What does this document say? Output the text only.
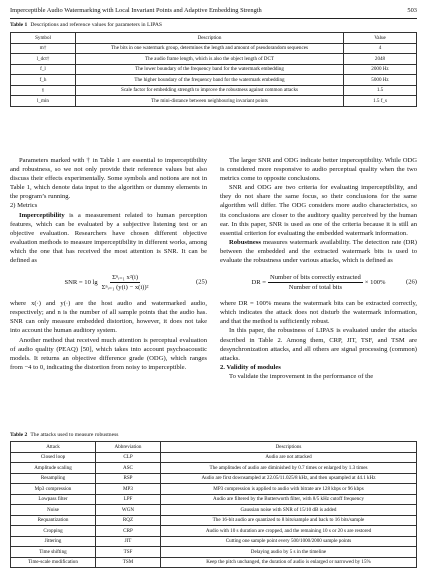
Imperceptible Audio Watermarking with Local Invariant Points and Adaptive Embedding Strength	503
Table 1 Descriptions and reference values for parameters in LIPAS
Symbol	Description	Value
m†	The bits in one watermark group, determines the length and amount of pseudorandom sequences	4
l_dct†	The audio frame length, which is also the object length of DCT	2048
f_l	The lower boundary of the frequency band for the watermark embedding	2000 Hz
f_h	The higher boundary of the frequency band for the watermark embedding	5000 Hz
γ	Scale factor for embedding strength to improve the robustness against common attacks	1.5
l_min	The mini-distance between neighbouring invariant points	1.5 f_s

Parameters marked with † in Table 1 are essential to imperceptibility and robustness, so we not only provide their reference values but also discuss their effects experimentally. Some symbols and notions are not in Table 1, which denote data input to the algorithm or dummy elements in the program’s running.

2) Metrics

Imperceptibility is a measurement related to human perception features, which can be evaluated by a subjective listening test or an objective evaluation. Researchers have chosen different objective evaluation methods to measure imperceptibility in different works, among which the one that has received the most attention is SNR. It can be defined as

SNR = 10 $\lg \frac{\text{Σⁿᵢ₌₁ x²(i)}}{\text{Σⁿᵢ₌₁ (y(i) − x(i))²}}$	(25)

where x(·) and y(·) are the host audio and watermarked audio, respectively; and n is the number of all sample points that the audio has. SNR can only measure embedded distortion, however, it does not take into account the human auditory system.

Another method that received much attention is perceptual evaluation of audio quality (PEAQ) [50], which takes into account psychoacoustic models. It returns an objective difference grade (ODG), which ranges from −4 to 0, indicating the distortion from noisy to imperceptible.

The larger SNR and ODG indicate better imperceptibility. While ODG is considered more responsive to audio perceptual quality when the two metrics come to opposite conclusions.

SNR and ODG are two criteria for evaluating imperceptibility, and they do not share the same focus, so their conclusions for the same algorithm will differ. The ODG considers more audio characteristics, so its conclusions are closer to the auditory quality perceived by the human ear. In this paper, SNR is used as one of the criteria because it is still an essential criterion for evaluating the embedded watermark information.

Robustness measures watermark availability. The detection rate (DR) between the embedded and the extracted watermark bits is used to evaluate the robustness under various attacks, which is defined as

DR = $\frac{\text{Number of bits correctly extracted}}{\text{Number of total bits}} \times 100\%$	(26)

where DR = 100% means the watermark bits can be extracted correctly, which indicates the attack does not disturb the watermark information, and that the method is sufficiently robust.

In this paper, the robustness of LIPAS is evaluated under the attacks described in Table 2. Among them, CRP, JIT, TSF, and TSM are desynchronization attacks, and all others are signal processing (common) attacks.

2. Validity of modules

To validate the improvement in the performance of the

Table 2 The attacks used to measure robustness
Attack	Abbreviation	Descriptions
Closed loop	CLP	Audio are not attacked
Amplitude scaling	ASC	The amplitudes of audio are diminished by 0.7 times or enlarged by 1.3 times
Resampling	RSP	Audio are first downsampled at 22.05/11.025/8 kHz, and then upsampled at 44.1 kHz
Mp3 compression	MP3	MP3 compression is applied to audio with bitrate are 128 kbps or 96 kbps
Lowpass filter	LPF	Audio are filtered by the Butterworth filter, with 8/5 kHz cutoff frequency
Noise	WGN	Gaussian noise with SNR of 15/10 dB is added
Requantization	RQZ	The 16-bit audio are quantized to 8 bits/sample and back to 16 bits/sample
Cropping	CRP	Audio with 10 s duration are cropped, and the remaining 10 s or 20 s are restored
Jittering	JIT	Cutting one sample point every 500/1000/2000 sample points
Time shifting	TSF	Delaying audio by 5 s in the timeline
Time-scale modification	TSM	Keep the pitch unchanged, the duration of audio is enlarged or narrowed by 15%
